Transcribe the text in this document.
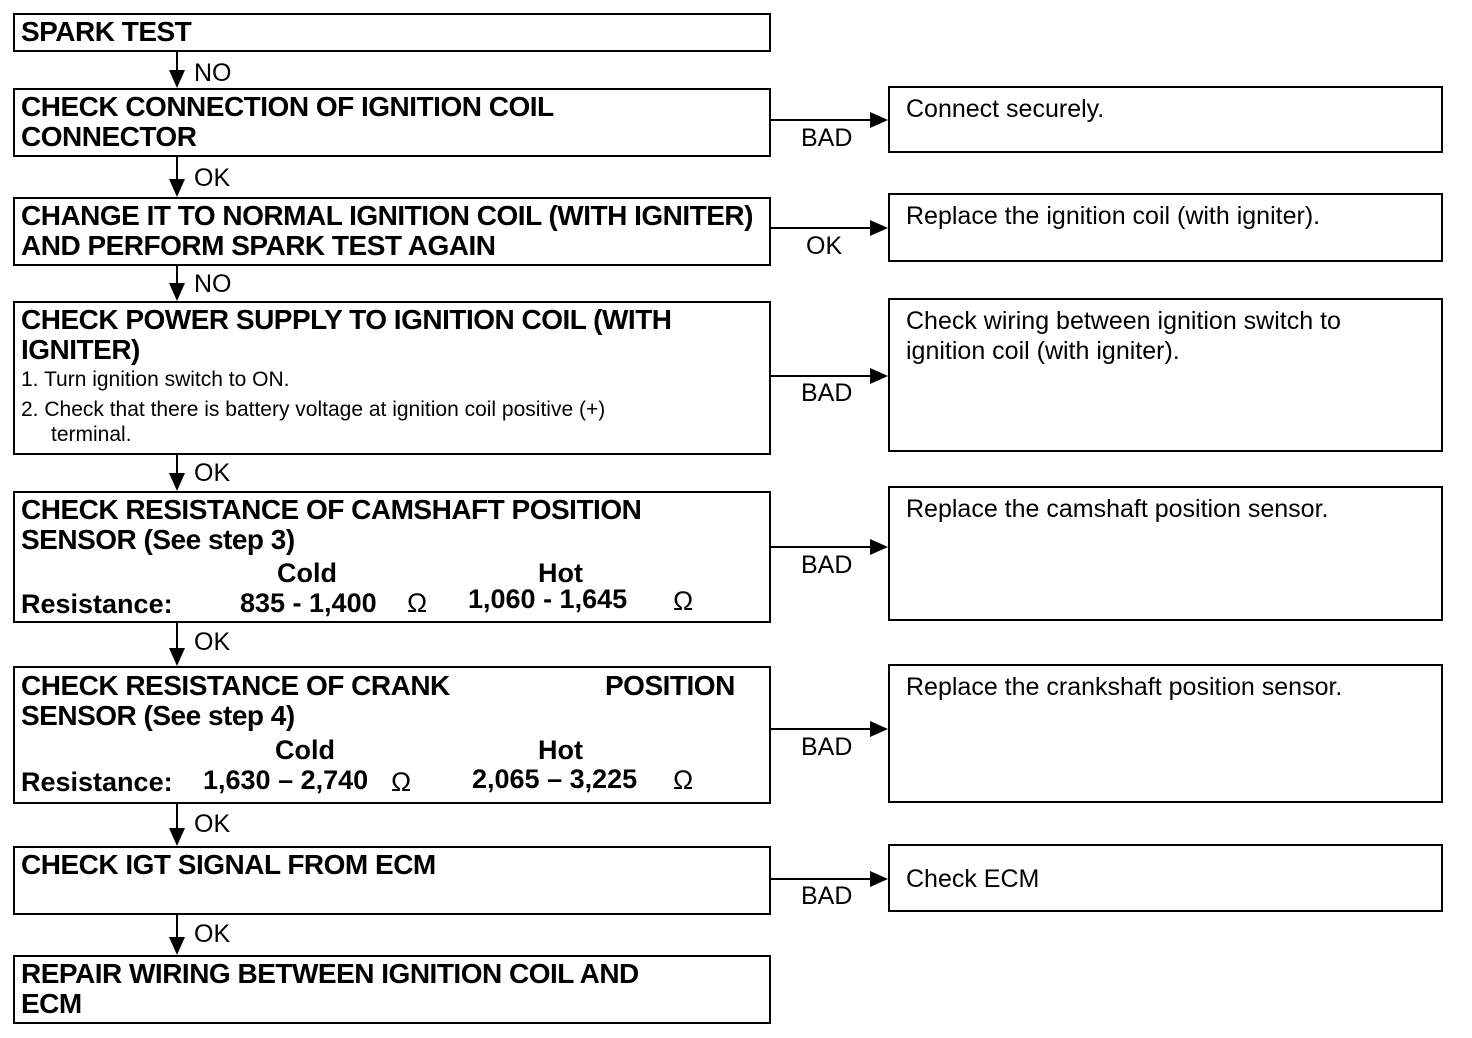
SPARK TEST
CHECK CONNECTION OF IGNITION COIL CONNECTOR
CHANGE IT TO NORMAL IGNITION COIL (WITH IGNITER) AND PERFORM SPARK TEST AGAIN
CHECK POWER SUPPLY TO IGNITION COIL (WITH IGNITER)
1. Turn ignition switch to ON.
2. Check that there is battery voltage at ignition coil positive (+)
terminal.
CHECK RESISTANCE OF CAMSHAFT POSITION SENSOR (See step 3)
Cold	Hot
Resistance: 835 - 1,400 Ω 1,060 - 1,645 Ω
CHECK RESISTANCE OF CRANK	POSITION
SENSOR (See step 4)
Cold	Hot
Resistance: 1,630 – 2,740 Ω 2,065 – 3,225 Ω
CHECK IGT SIGNAL FROM ECM
REPAIR WIRING BETWEEN IGNITION COIL AND ECM
NO
OK
NO
OK
OK
OK
OK
BAD
OK
BAD
BAD
BAD
BAD
Connect securely.
Replace the ignition coil (with igniter).
Check wiring between ignition switch to ignition coil (with igniter).
Replace the camshaft position sensor.
Replace the crankshaft position sensor.
Check ECM
